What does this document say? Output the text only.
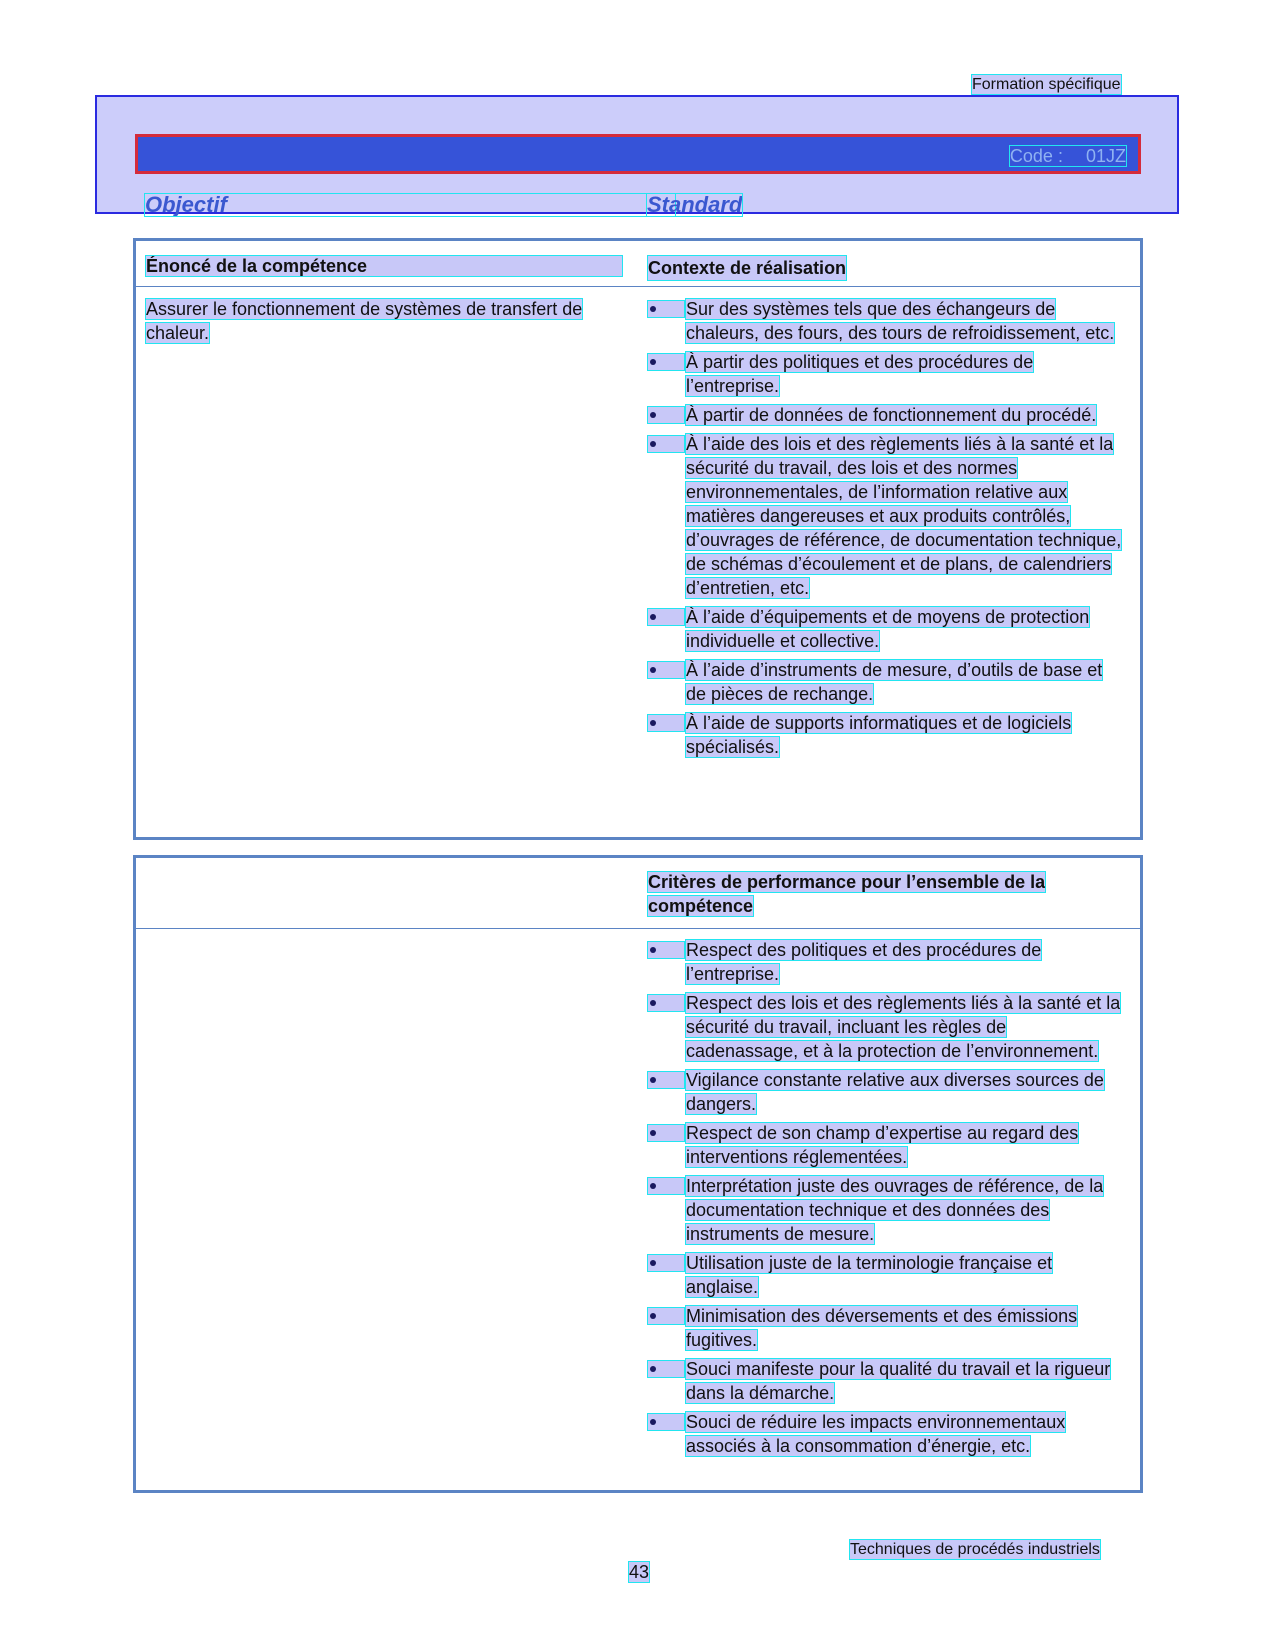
Formation spécifique
Code : 01JZ
Objectif	Standard
Énoncé de la compétence	Contexte de réalisation
Assurer le fonctionnement de systèmes de transfert de chaleur.
Sur des systèmes tels que des échangeurs de chaleurs, des fours, des tours de refroidissement, etc.
À partir des politiques et des procédures de l’entreprise.
À partir de données de fonctionnement du procédé.
À l’aide des lois et des règlements liés à la santé et la sécurité du travail, des lois et des normes environnementales, de l’information relative aux matières dangereuses et aux produits contrôlés, d’ouvrages de référence, de documentation technique, de schémas d’écoulement et de plans, de calendriers d’entretien, etc.
À l’aide d’équipements et de moyens de protection individuelle et collective.
À l’aide d’instruments de mesure, d’outils de base et de pièces de rechange.
À l’aide de supports informatiques et de logiciels spécialisés.
Critères de performance pour l’ensemble de la compétence
Respect des politiques et des procédures de l’entreprise.
Respect des lois et des règlements liés à la santé et la sécurité du travail, incluant les règles de cadenassage, et à la protection de l’environnement.
Vigilance constante relative aux diverses sources de dangers.
Respect de son champ d’expertise au regard des interventions réglementées.
Interprétation juste des ouvrages de référence, de la documentation technique et des données des instruments de mesure.
Utilisation juste de la terminologie française et anglaise.
Minimisation des déversements et des émissions fugitives.
Souci manifeste pour la qualité du travail et la rigueur dans la démarche.
Souci de réduire les impacts environnementaux associés à la consommation d’énergie, etc.
Techniques de procédés industriels
43
